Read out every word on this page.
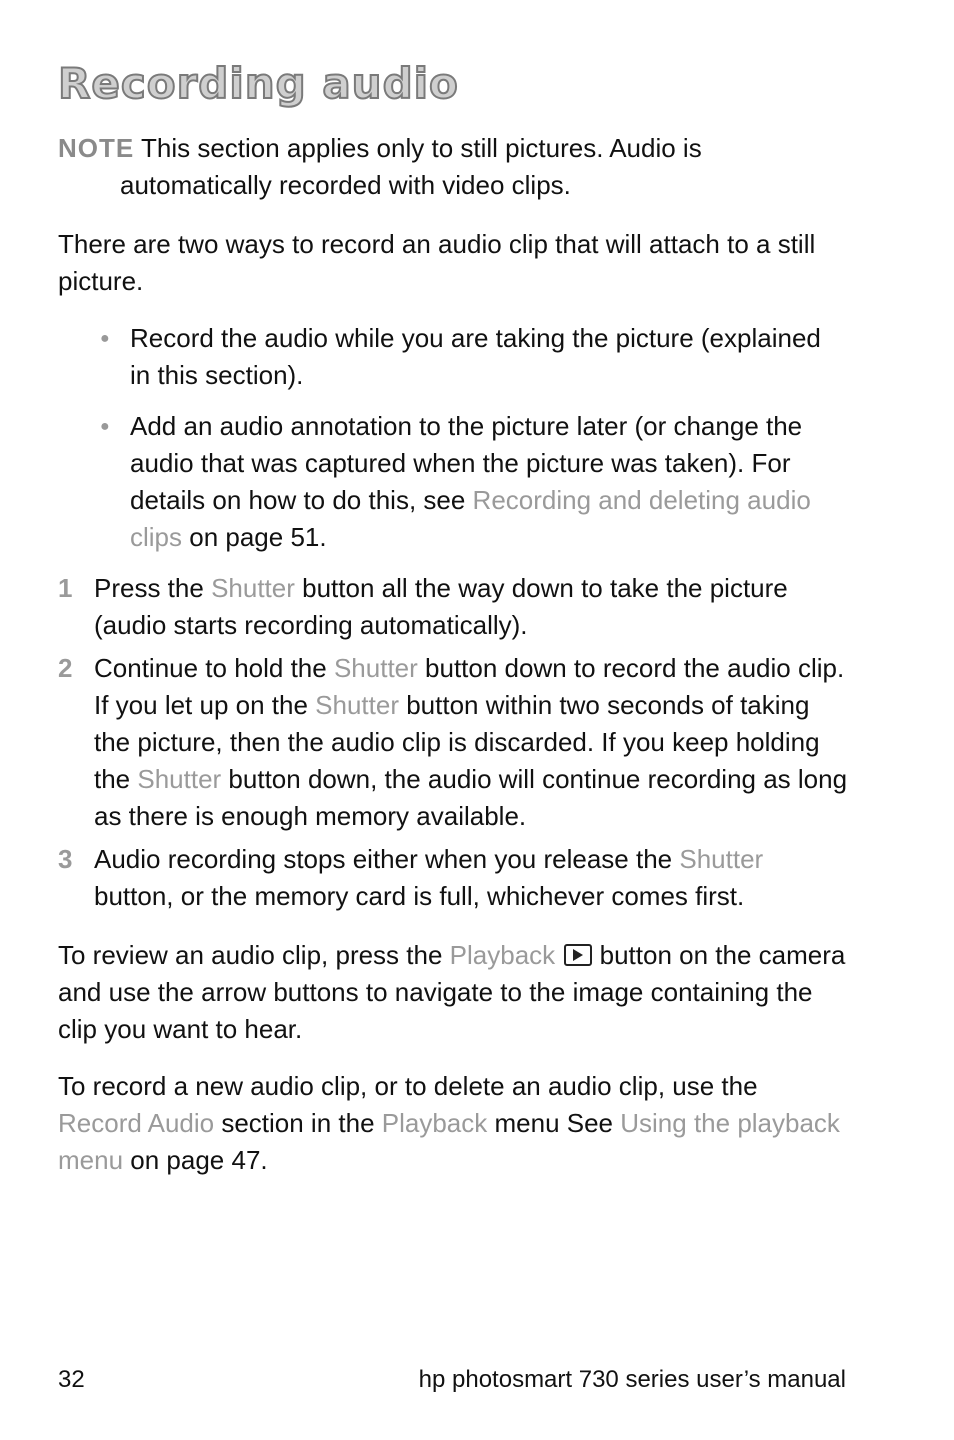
Recording audio

NOTE This section applies only to still pictures. Audio is automatically recorded with video clips.

There are two ways to record an audio clip that will attach to a still picture.

● Record the audio while you are taking the picture (explained in this section).
● Add an audio annotation to the picture later (or change the audio that was captured when the picture was taken). For details on how to do this, see Recording and deleting audio clips on page 51.
1 Press the Shutter button all the way down to take the picture (audio starts recording automatically).
2 Continue to hold the Shutter button down to record the audio clip. If you let up on the Shutter button within two seconds of taking the picture, then the audio clip is discarded. If you keep holding the Shutter button down, the audio will continue recording as long as there is enough memory available.
3 Audio recording stops either when you release the Shutter button, or the memory card is full, whichever comes first.

To review an audio clip, press the Playback  button on the camera and use the arrow buttons to navigate to the image containing the clip you want to hear.

To record a new audio clip, or to delete an audio clip, use the Record Audio section in the Playback menu See Using the playback menu on page 47.

32	hp photosmart 730 series user’s manual
